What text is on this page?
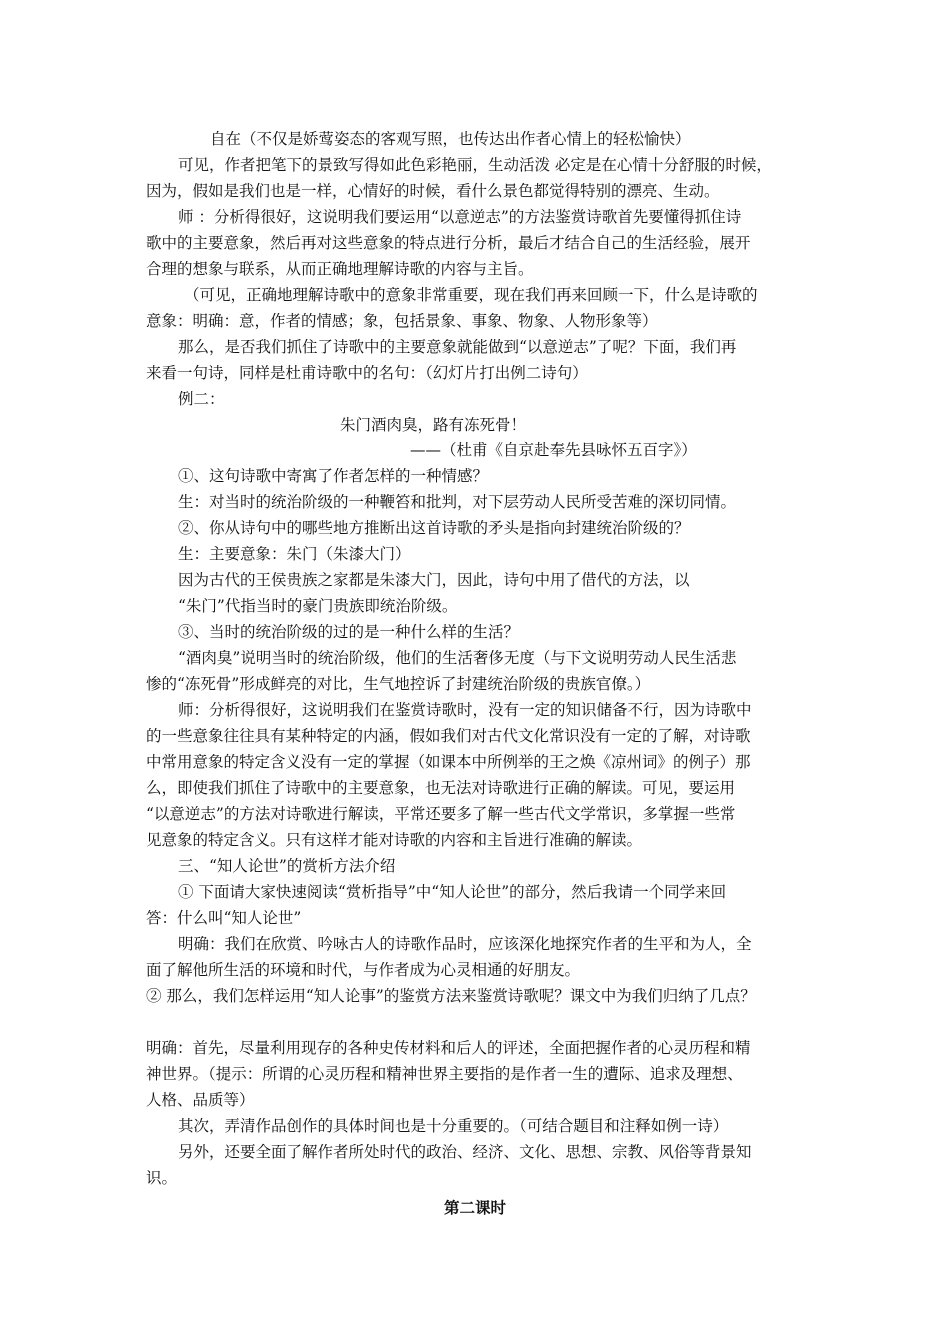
自在（不仅是娇莺姿态的客观写照，也传达出作者心情上的轻松愉快）
可见，作者把笔下的景致写得如此色彩艳丽，生动活泼 必定是在心情十分舒服的时候，
因为，假如是我们也是一样，心情好的时候，看什么景色都觉得特别的漂亮、生动。
师 ：分析得很好，这说明我们要运用“以意逆志”的方法鉴赏诗歌首先要懂得抓住诗
歌中的主要意象，然后再对这些意象的特点进行分析，最后才结合自己的生活经验，展开
合理的想象与联系，从而正确地理解诗歌的内容与主旨。
（可见，正确地理解诗歌中的意象非常重要，现在我们再来回顾一下，什么是诗歌的
意象：明确：意，作者的情感；象，包括景象、事象、物象、人物形象等）
那么，是否我们抓住了诗歌中的主要意象就能做到“以意逆志”了呢？下面，我们再
来看一句诗，同样是杜甫诗歌中的名句：（幻灯片打出例二诗句）
例二：
朱门酒肉臭，路有冻死骨！
——（杜甫《自京赴奉先县咏怀五百字》）
①、这句诗歌中寄寓了作者怎样的一种情感？
生：对当时的统治阶级的一种鞭笞和批判，对下层劳动人民所受苦难的深切同情。
②、你从诗句中的哪些地方推断出这首诗歌的矛头是指向封建统治阶级的？
生：主要意象：朱门（朱漆大门）
因为古代的王侯贵族之家都是朱漆大门，因此，诗句中用了借代的方法，以
“朱门”代指当时的豪门贵族即统治阶级。
③、当时的统治阶级的过的是一种什么样的生活？
“酒肉臭”说明当时的统治阶级，他们的生活奢侈无度（与下文说明劳动人民生活悲
惨的“冻死骨”形成鲜亮的对比，生气地控诉了封建统治阶级的贵族官僚。）
师：分析得很好，这说明我们在鉴赏诗歌时，没有一定的知识储备不行，因为诗歌中
的一些意象往往具有某种特定的内涵，假如我们对古代文化常识没有一定的了解，对诗歌
中常用意象的特定含义没有一定的掌握（如课本中所例举的王之焕《凉州词》的例子）那
么，即使我们抓住了诗歌中的主要意象，也无法对诗歌进行正确的解读。可见，要运用
“以意逆志”的方法对诗歌进行解读，平常还要多了解一些古代文学常识，多掌握一些常
见意象的特定含义。只有这样才能对诗歌的内容和主旨进行准确的解读。
三、“知人论世”的赏析方法介绍
① 下面请大家快速阅读“赏析指导”中“知人论世”的部分，然后我请一个同学来回
答：什么叫“知人论世”
明确：我们在欣赏、吟咏古人的诗歌作品时，应该深化地探究作者的生平和为人，全
面了解他所生活的环境和时代，与作者成为心灵相通的好朋友。
② 那么，我们怎样运用“知人论事”的鉴赏方法来鉴赏诗歌呢？课文中为我们归纳了几点？
明确：首先，尽量利用现存的各种史传材料和后人的评述，全面把握作者的心灵历程和精
神世界。（提示：所谓的心灵历程和精神世界主要指的是作者一生的遭际、追求及理想、
人格、品质等）
其次，弄清作品创作的具体时间也是十分重要的。（可结合题目和注释如例一诗）
另外，还要全面了解作者所处时代的政治、经济、文化、思想、宗教、风俗等背景知
识。
第二课时
